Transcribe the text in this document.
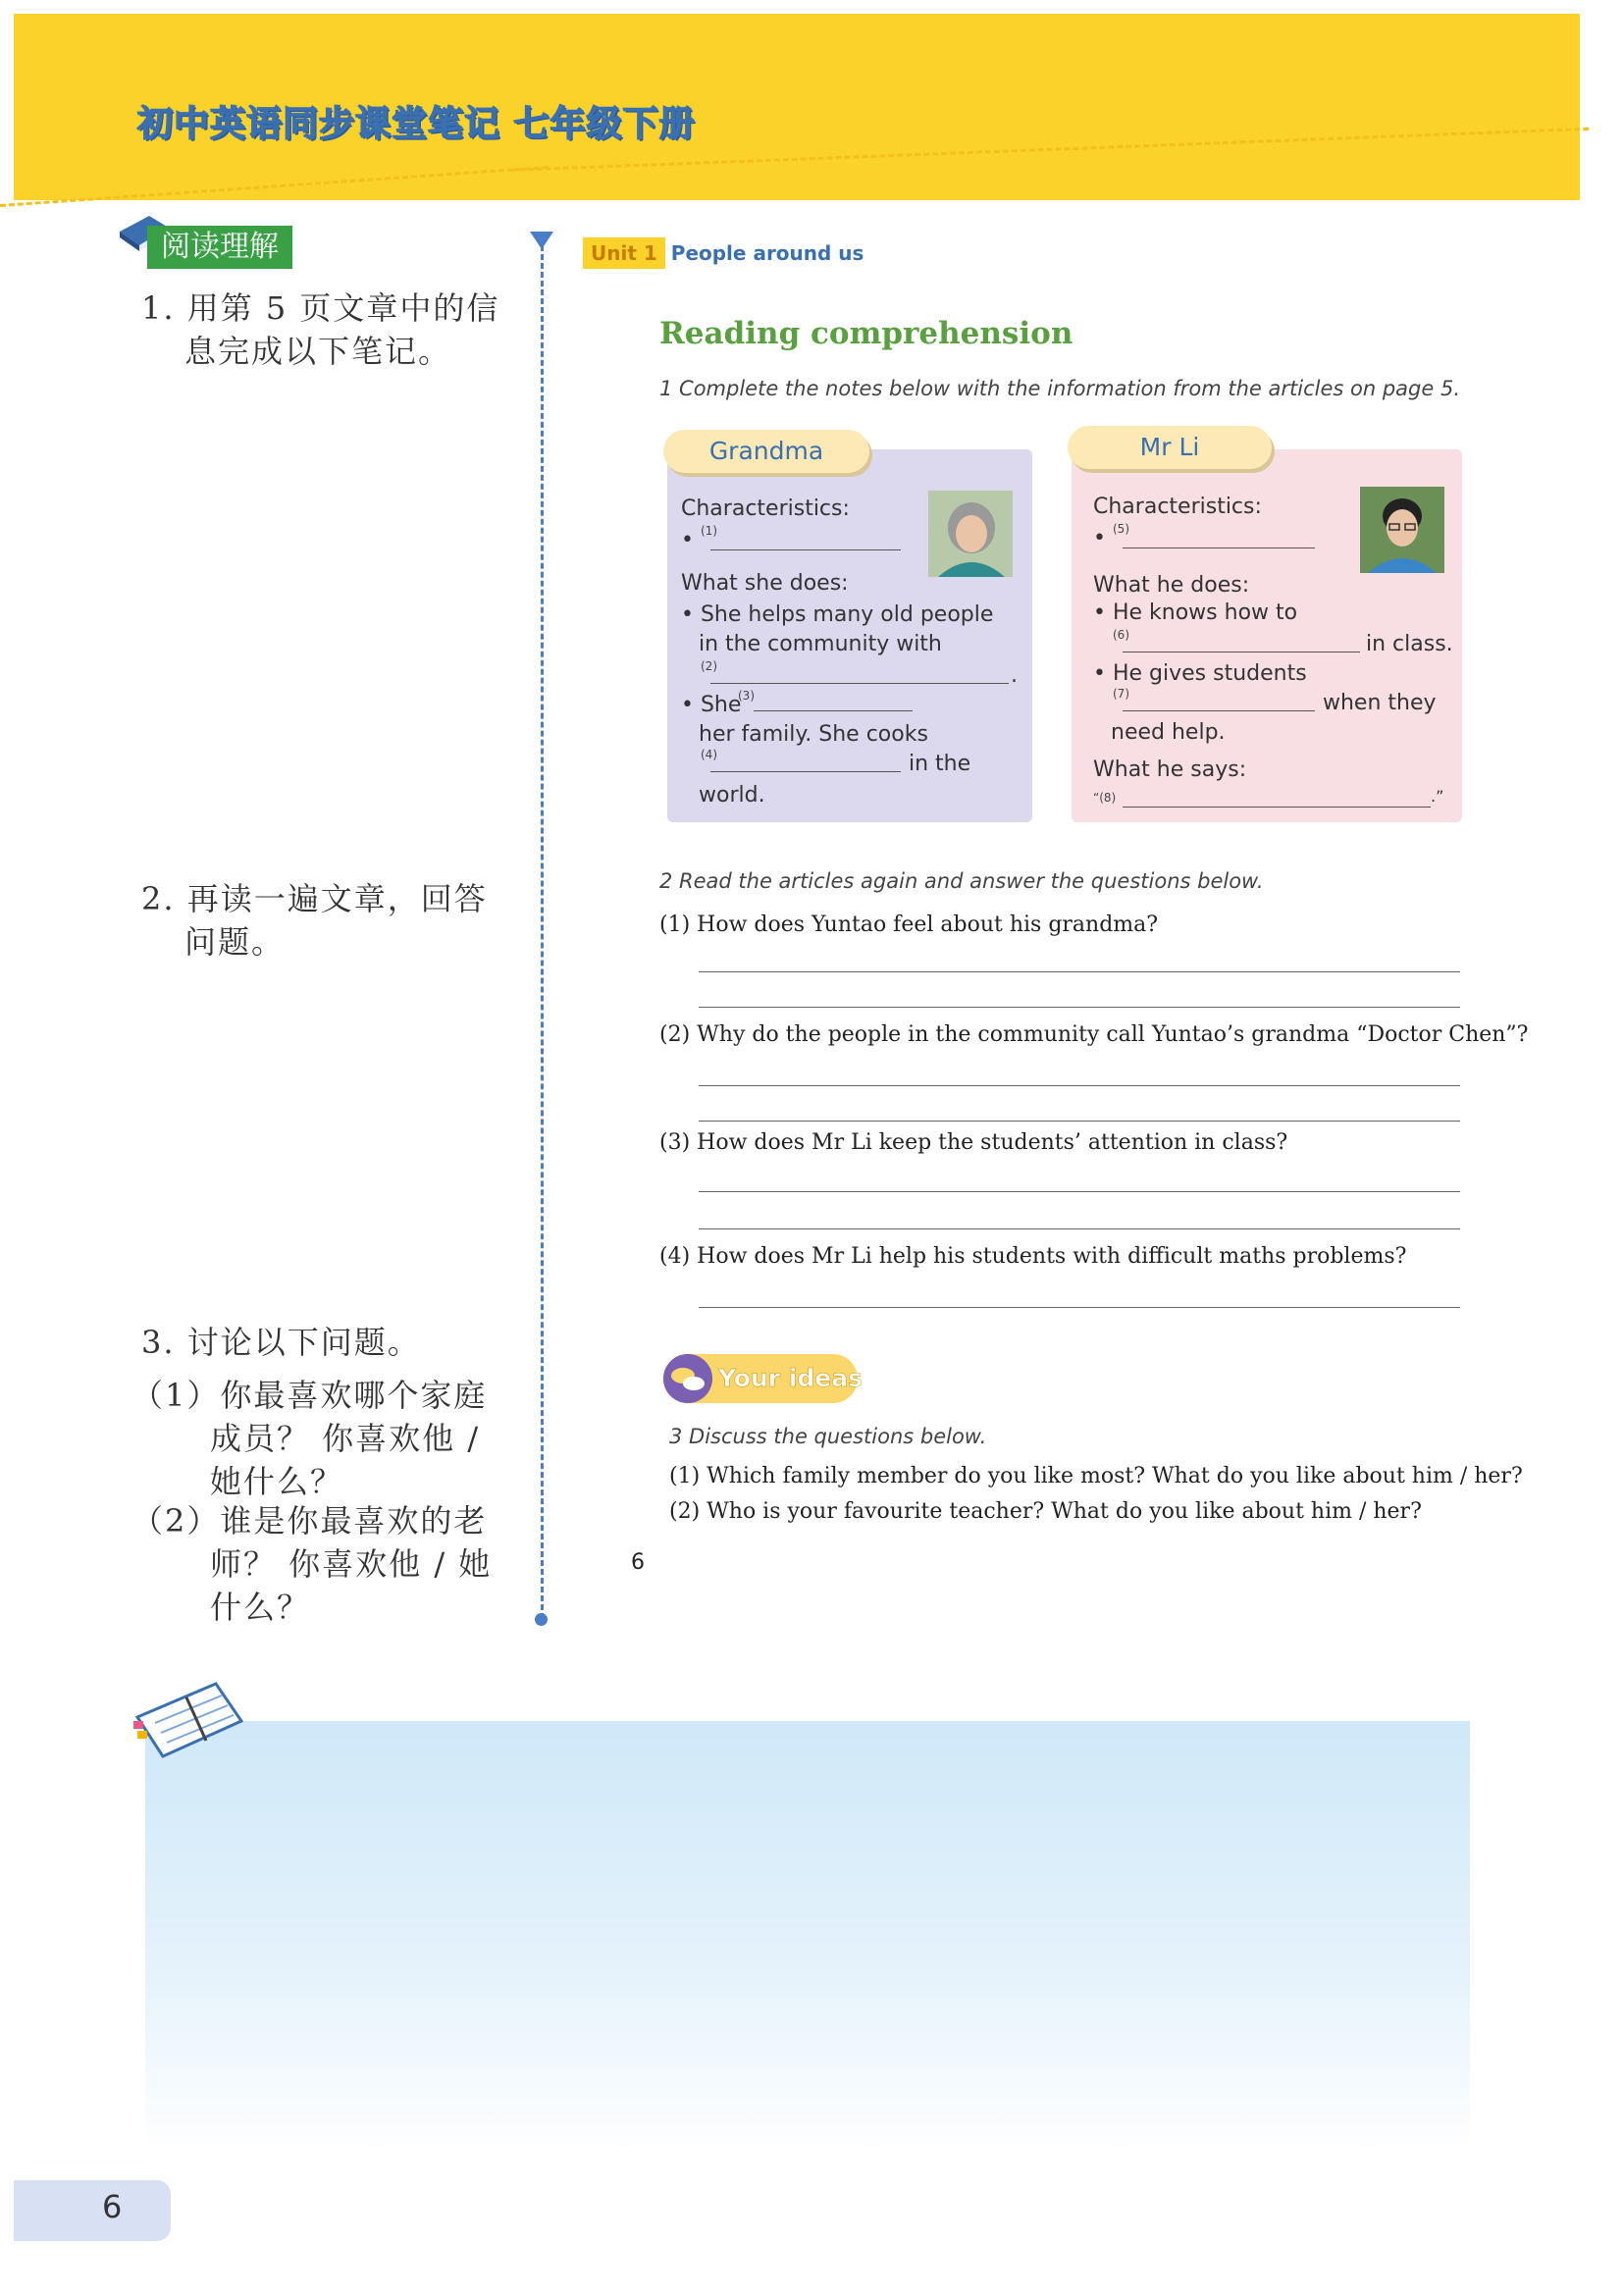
初中英语同步课堂笔记 七年级下册
阅读理解
1. 用第 5 页文章中的信
息完成以下笔记。
2. 再读一遍文章，回答
问题。
3. 讨论以下问题。
（1）你最喜欢哪个家庭
成员？ 你喜欢他 /
她什么？
（2）谁是你最喜欢的老
师？ 你喜欢他 / 她
什么？
Unit 1 People around us
Reading comprehension
1 Complete the notes below with the information from the articles on page 5.
Characteristics:
• (1)
What she does:
• She helps many old people
in the community with
(2)	.
• She
(3)
her family. She cooks
(4)	in the
world.
Grandma
Characteristics:
• (5)
What he does:
• He knows how to
(6)	in class.
• He gives students
(7)	when they
need help.
What he says:
“(8)	.”
Mr Li
2 Read the articles again and answer the questions below.
(1) How does Yuntao feel about his grandma?
(2) Why do the people in the community call Yuntao’s grandma “Doctor Chen”?
(3) How does Mr Li keep the students’ attention in class?
(4) How does Mr Li help his students with difficult maths problems?
Your ideas
3 Discuss the questions below.
(1) Which family member do you like most? What do you like about him / her?
(2) Who is your favourite teacher? What do you like about him / her?
6
6
